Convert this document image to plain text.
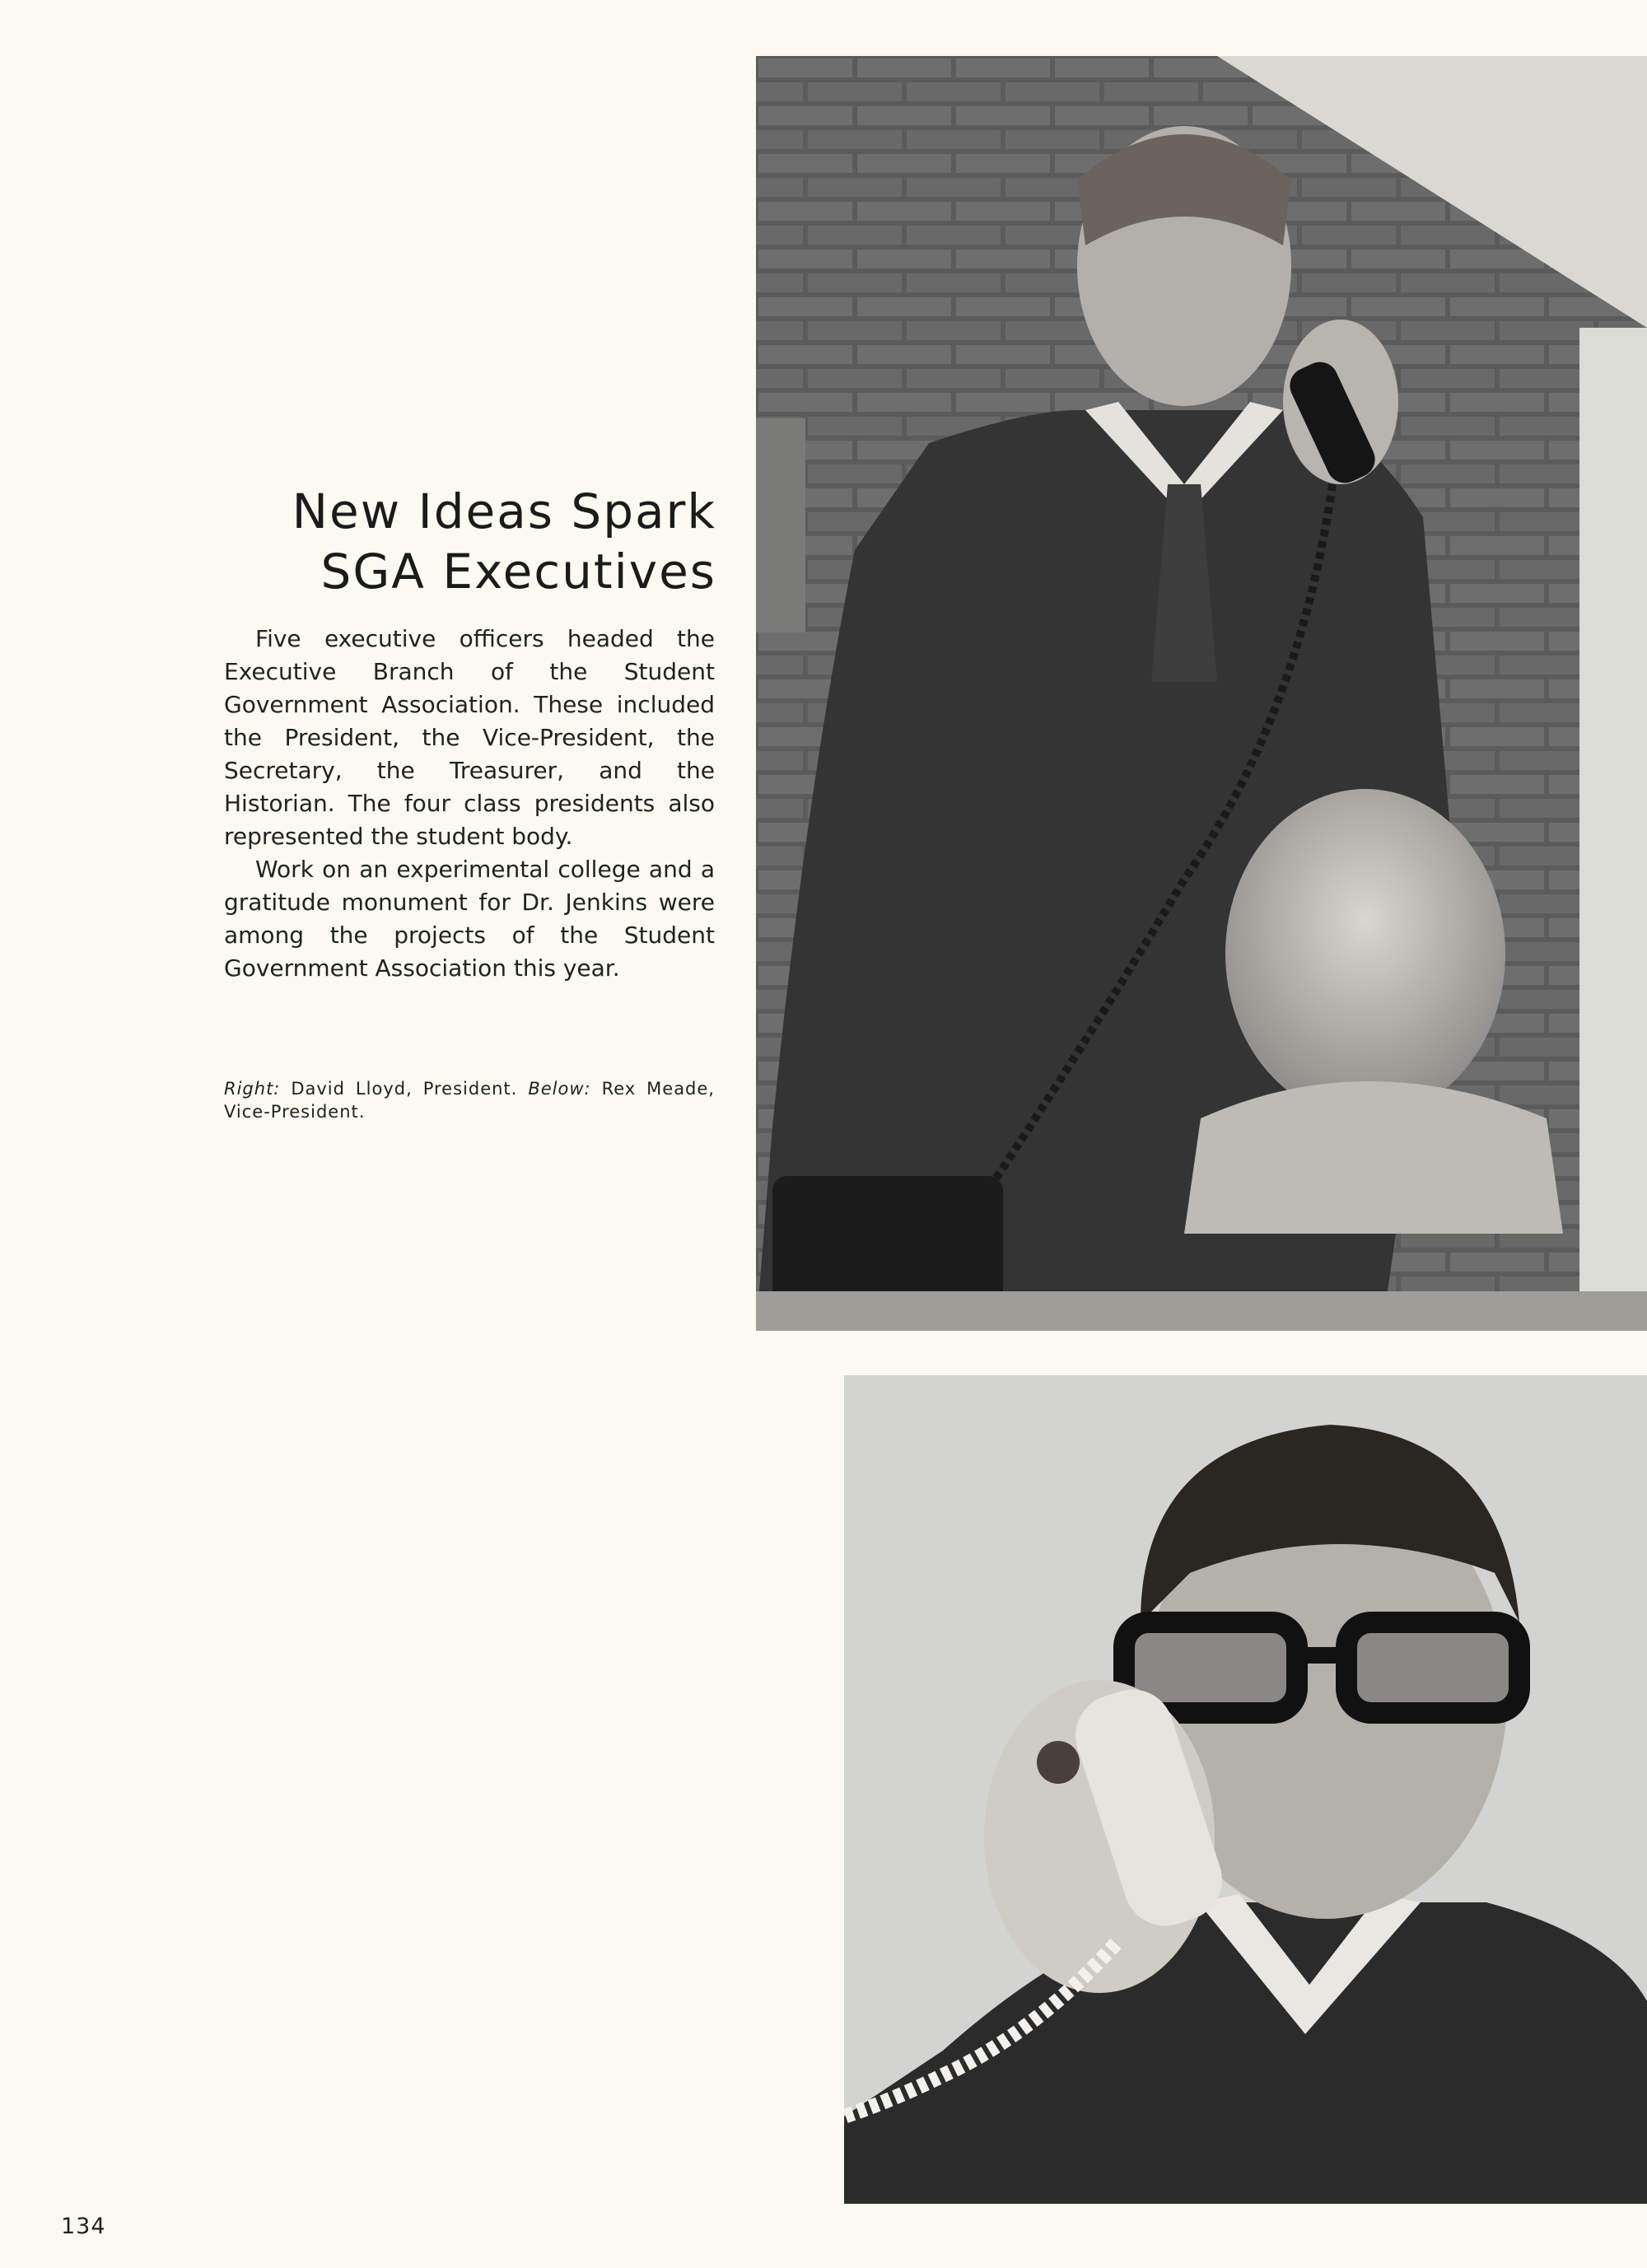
New Ideas Spark
SGA Executives

Five executive officers headed the Executive Branch of the Student Government Association. These included the President, the Vice-President, the Secretary, the Treasurer, and the Historian. The four class presidents also represented the student body.

Work on an experimental college and a gratitude monument for Dr. Jenkins were among the projects of the Student Government Association this year.

Right: David Lloyd, President. Below: Rex Meade, Vice-President.
134
